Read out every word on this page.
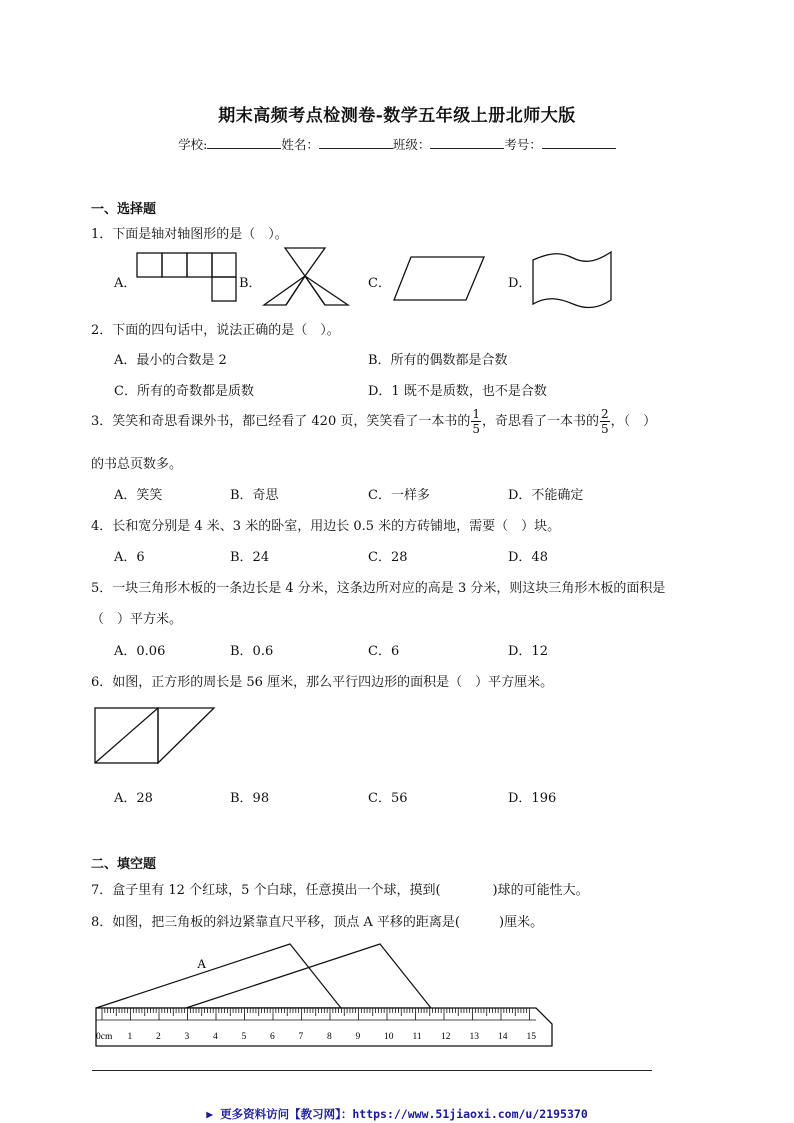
期末高频考点检测卷-数学五年级上册北师大版
学校:	姓名：	班级：	考号：
一、选择题
1．下面是轴对轴图形的是（　）。
A．	B．	C．	D．
2．下面的四句话中，说法正确的是（　）。
A．最小的合数是 2	B．所有的偶数都是合数
C．所有的奇数都是质数	D．1 既不是质数，也不是合数
3．笑笑和奇思看课外书，都已经看了 420 页，笑笑看了一本书的 $\frac{1}{5}$ ，奇思看了一本书的 $\frac{2}{5}$ ，（　）
的书总页数多。
A．笑笑	B．奇思	C．一样多	D．不能确定
4．长和宽分别是 4 米、3 米的卧室，用边长 0.5 米的方砖铺地，需要（　）块。
A．6	B．24	C．28	D．48
5．一块三角形木板的一条边长是 4 分米，这条边所对应的高是 3 分米，则这块三角形木板的面积是
（　）平方米。
A．0.06	B．0.6	C．6	D．12
6．如图，正方形的周长是 56 厘米，那么平行四边形的面积是（　）平方厘米。
A．28	B．98	C．56	D．196
二、填空题
7．盒子里有 12 个红球，5 个白球，任意摸出一个球，摸到(　　　　)球的可能性大。
8．如图，把三角板的斜边紧靠直尺平移，顶点 A 平移的距离是(　　　)厘米。
A
0cm 1	2	3	4	5	6	7	8	9	10 11 12 13 14 15
▶ 更多资料访问【教习网】：https://www.51jiaoxi.com/u/2195370
